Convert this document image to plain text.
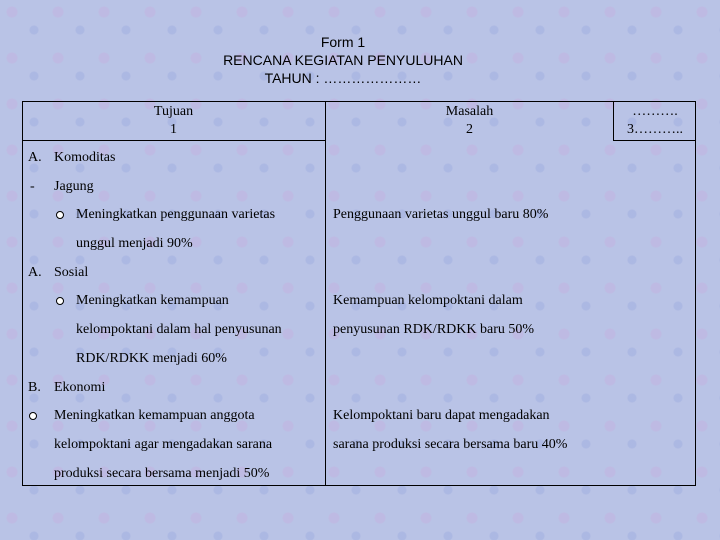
Form 1
RENCANA KEGIATAN PENYULUHAN
TAHUN : …………………
Tujuan
1
Masalah
2
……….
3………..
A. Komoditas
- Jagung
Meningkatkan penggunaan varietas
unggul menjadi 90%
Penggunaan varietas unggul baru 80%
A. Sosial
Meningkatkan kemampuan
kelompoktani dalam hal penyusunan
RDK/RDKK menjadi 60%
Kemampuan kelompoktani dalam
penyusunan RDK/RDKK baru 50%
B. Ekonomi
Meningkatkan kemampuan anggota
kelompoktani agar mengadakan sarana
produksi secara bersama menjadi 50%
Kelompoktani baru dapat mengadakan
sarana produksi secara bersama baru 40%
